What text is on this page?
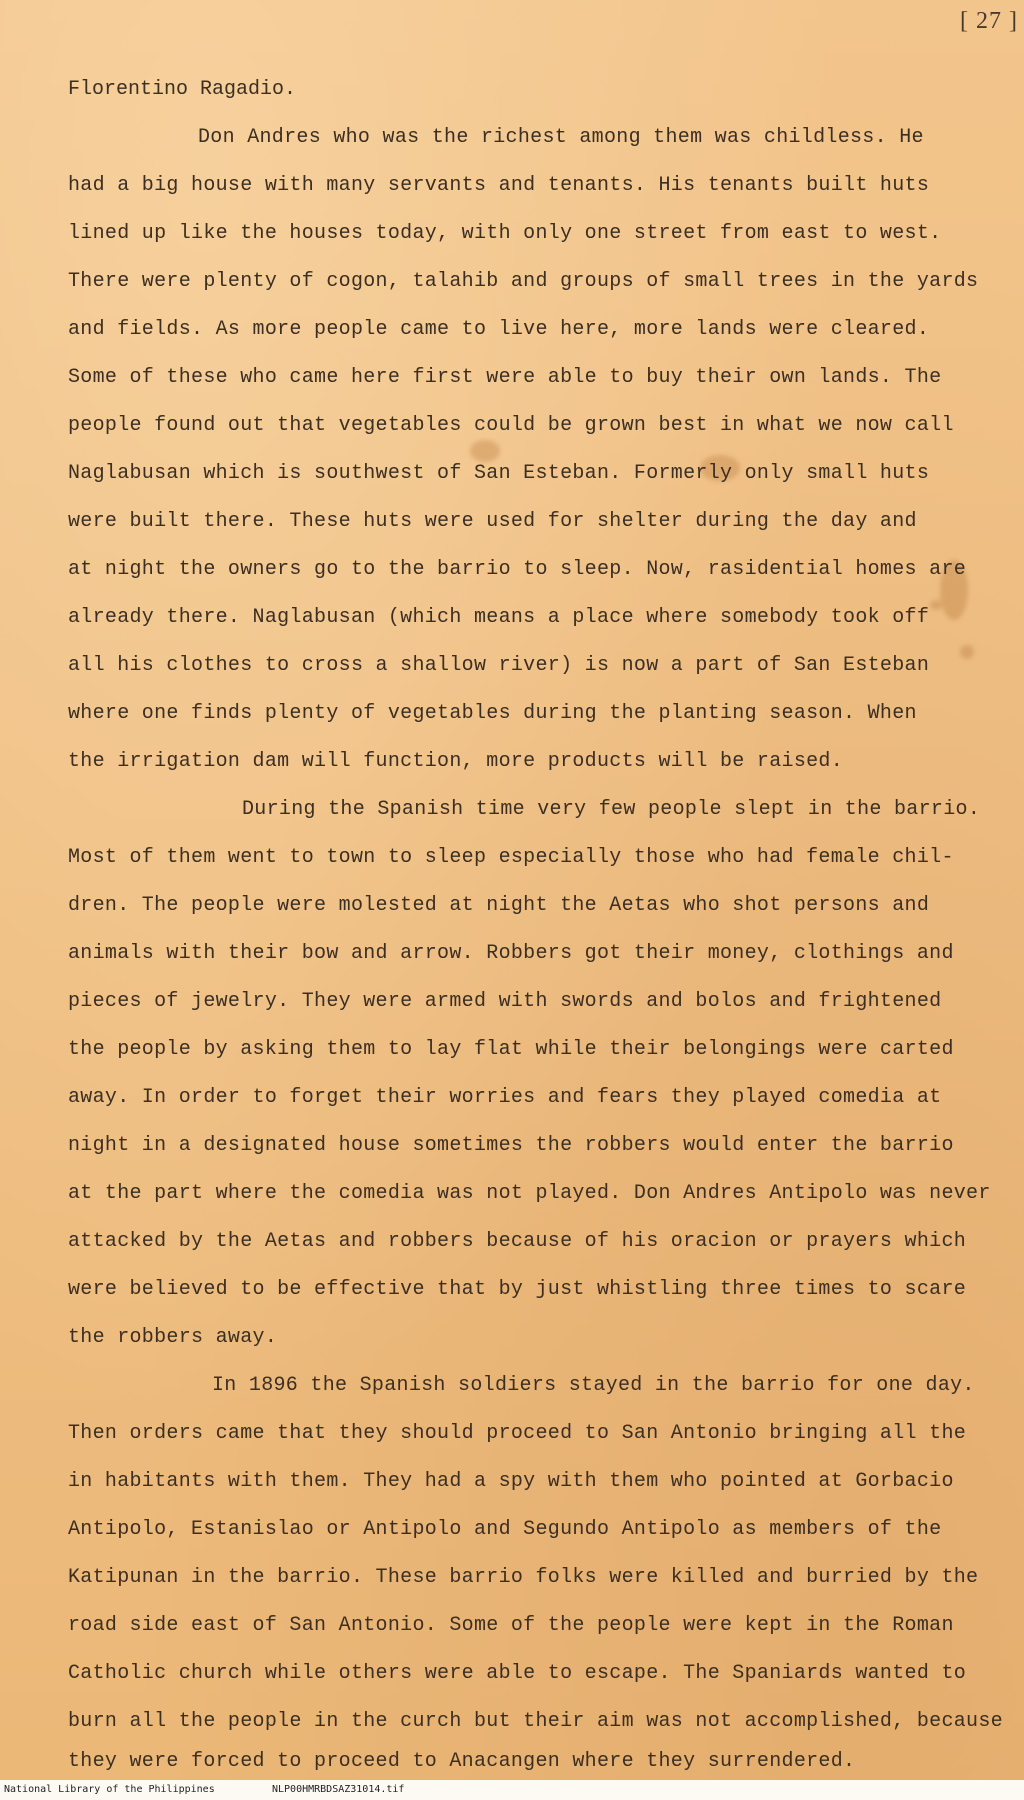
[ 27 ]
Florentino Ragadio.
Don Andres who was the richest among them was childless. He
had a big house with many servants and tenants. His tenants built huts
lined up like the houses today, with only one street from east to west.
There were plenty of cogon, talahib and groups of small trees in the yards
and fields. As more people came to live here, more lands were cleared.
Some of these who came here first were able to buy their own lands. The
people found out that vegetables could be grown best in what we now call
Naglabusan which is southwest of San Esteban. Formerly only small huts
were built there. These huts were used for shelter during the day and
at night the owners go to the barrio to sleep. Now, rasidential homes are
already there. Naglabusan (which means a place where somebody took off
all his clothes to cross a shallow river) is now a part of San Esteban
where one finds plenty of vegetables during the planting season. When
the irrigation dam will function, more products will be raised.
During the Spanish time very few people slept in the barrio.
Most of them went to town to sleep especially those who had female chil-
dren. The people were molested at night the Aetas who shot persons and
animals with their bow and arrow. Robbers got their money, clothings and
pieces of jewelry. They were armed with swords and bolos and frightened
the people by asking them to lay flat while their belongings were carted
away. In order to forget their worries and fears they played comedia at
night in a designated house sometimes the robbers would enter the barrio
at the part where the comedia was not played. Don Andres Antipolo was never
attacked by the Aetas and robbers because of his oracion or prayers which
were believed to be effective that by just whistling three times to scare
the robbers away.
In 1896 the Spanish soldiers stayed in the barrio for one day.
Then orders came that they should proceed to San Antonio bringing all the
in habitants with them. They had a spy with them who pointed at Gorbacio
Antipolo, Estanislao or Antipolo and Segundo Antipolo as members of the
Katipunan in the barrio. These barrio folks were killed and burried by the
road side east of San Antonio. Some of the people were kept in the Roman
Catholic church while others were able to escape. The Spaniards wanted to
burn all the people in the curch but their aim was not accomplished, because
they were forced to proceed to Anacangen where they surrendered.
National Library of the Philippines	NLP00HMRBDSAZ31014.tif
